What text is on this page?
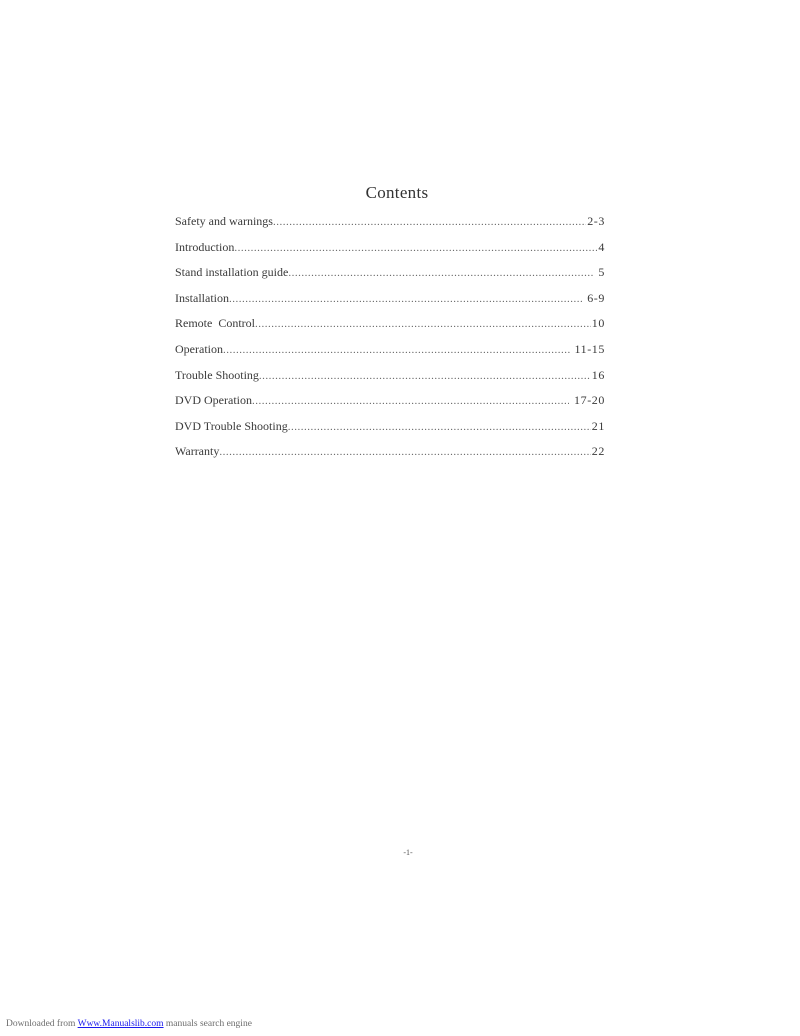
Contents
Safety and warnings .....	2-3
Introduction .....	4
Stand installation guide .....	5
Installation .....	6-9
Remote  Control .....	10
Operation .....	11-15
Trouble Shooting .....	16
DVD Operation .....	17-20
DVD Trouble Shooting .....	21
Warranty .....	22
-1-
Downloaded from Www.Manualslib.com manuals search engine
